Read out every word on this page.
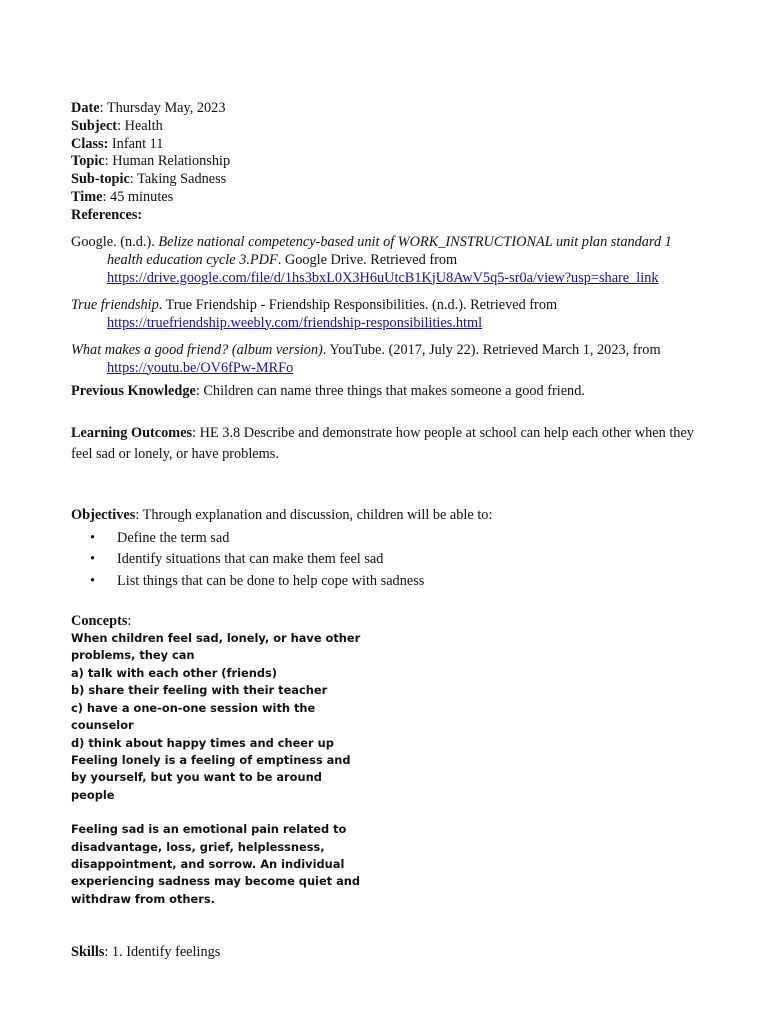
Date: Thursday May, 2023
Subject: Health
Class: Infant 11
Topic: Human Relationship
Sub-topic: Taking Sadness
Time: 45 minutes
References:
Google. (n.d.). Belize national competency-based unit of WORK_INSTRUCTIONAL unit plan standard 1 health education cycle 3.PDF. Google Drive. Retrieved from https://drive.google.com/file/d/1hs3bxL0X3H6uUtcB1KjU8AwV5q5-sr0a/view?usp=share_link
True friendship. True Friendship - Friendship Responsibilities. (n.d.). Retrieved from https://truefriendship.weebly.com/friendship-responsibilities.html
What makes a good friend? (album version). YouTube. (2017, July 22). Retrieved March 1, 2023, from https://youtu.be/OV6fPw-MRFo
Previous Knowledge: Children can name three things that makes someone a good friend.
Learning Outcomes: HE 3.8 Describe and demonstrate how people at school can help each other when they feel sad or lonely, or have problems.
Objectives: Through explanation and discussion, children will be able to:
• Define the term sad
• Identify situations that can make them feel sad
• List things that can be done to help cope with sadness
Concepts:
When children feel sad, lonely, or have other problems, they can
a) talk with each other (friends)
b) share their feeling with their teacher
c) have a one-on-one session with the counselor
d) think about happy times and cheer up
Feeling lonely is a feeling of emptiness and by yourself, but you want to be around people
Feeling sad is an emotional pain related to disadvantage, loss, grief, helplessness, disappointment, and sorrow. An individual experiencing sadness may become quiet and withdraw from others.
Skills: 1. Identify feelings
